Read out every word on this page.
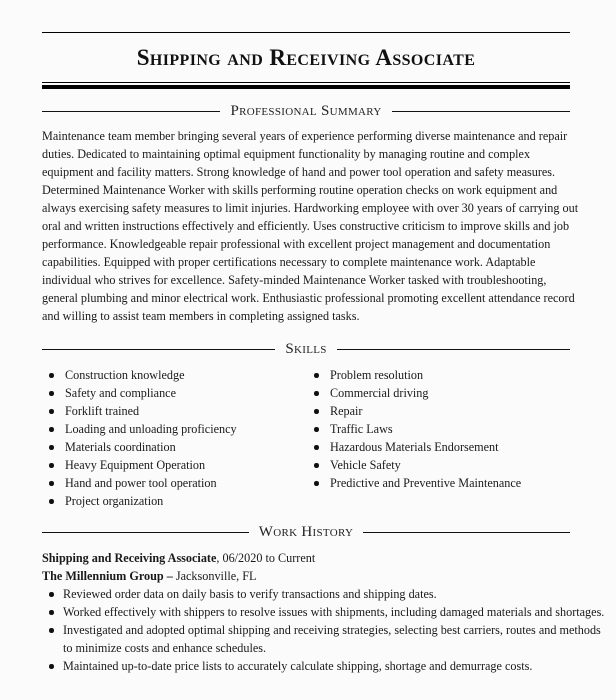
Shipping and Receiving Associate
Professional Summary

Maintenance team member bringing several years of experience performing diverse maintenance and repair duties. Dedicated to maintaining optimal equipment functionality by managing routine and complex equipment and facility matters. Strong knowledge of hand and power tool operation and safety measures. Determined Maintenance Worker with skills performing routine operation checks on work equipment and always exercising safety measures to limit injuries. Hardworking employee with over 30 years of carrying out oral and written instructions effectively and efficiently. Uses constructive criticism to improve skills and job performance. Knowledgeable repair professional with excellent project management and documentation capabilities. Equipped with proper certifications necessary to complete maintenance work. Adaptable individual who strives for excellence. Safety-minded Maintenance Worker tasked with troubleshooting, general plumbing and minor electrical work. Enthusiastic professional promoting excellent attendance record and willing to assist team members in completing assigned tasks.

Skills
Construction knowledge
Safety and compliance
Forklift trained
Loading and unloading proficiency
Materials coordination
Heavy Equipment Operation
Hand and power tool operation
Project organization
Problem resolution
Commercial driving
Repair
Traffic Laws
Hazardous Materials Endorsement
Vehicle Safety
Predictive and Preventive Maintenance
Work History
Shipping and Receiving Associate, 06/2020 to Current
The Millennium Group – Jacksonville, FL
Reviewed order data on daily basis to verify transactions and shipping dates.
Worked effectively with shippers to resolve issues with shipments, including damaged materials and shortages.
Investigated and adopted optimal shipping and receiving strategies, selecting best carriers, routes and methods to minimize costs and enhance schedules.
Maintained up-to-date price lists to accurately calculate shipping, shortage and demurrage costs.
